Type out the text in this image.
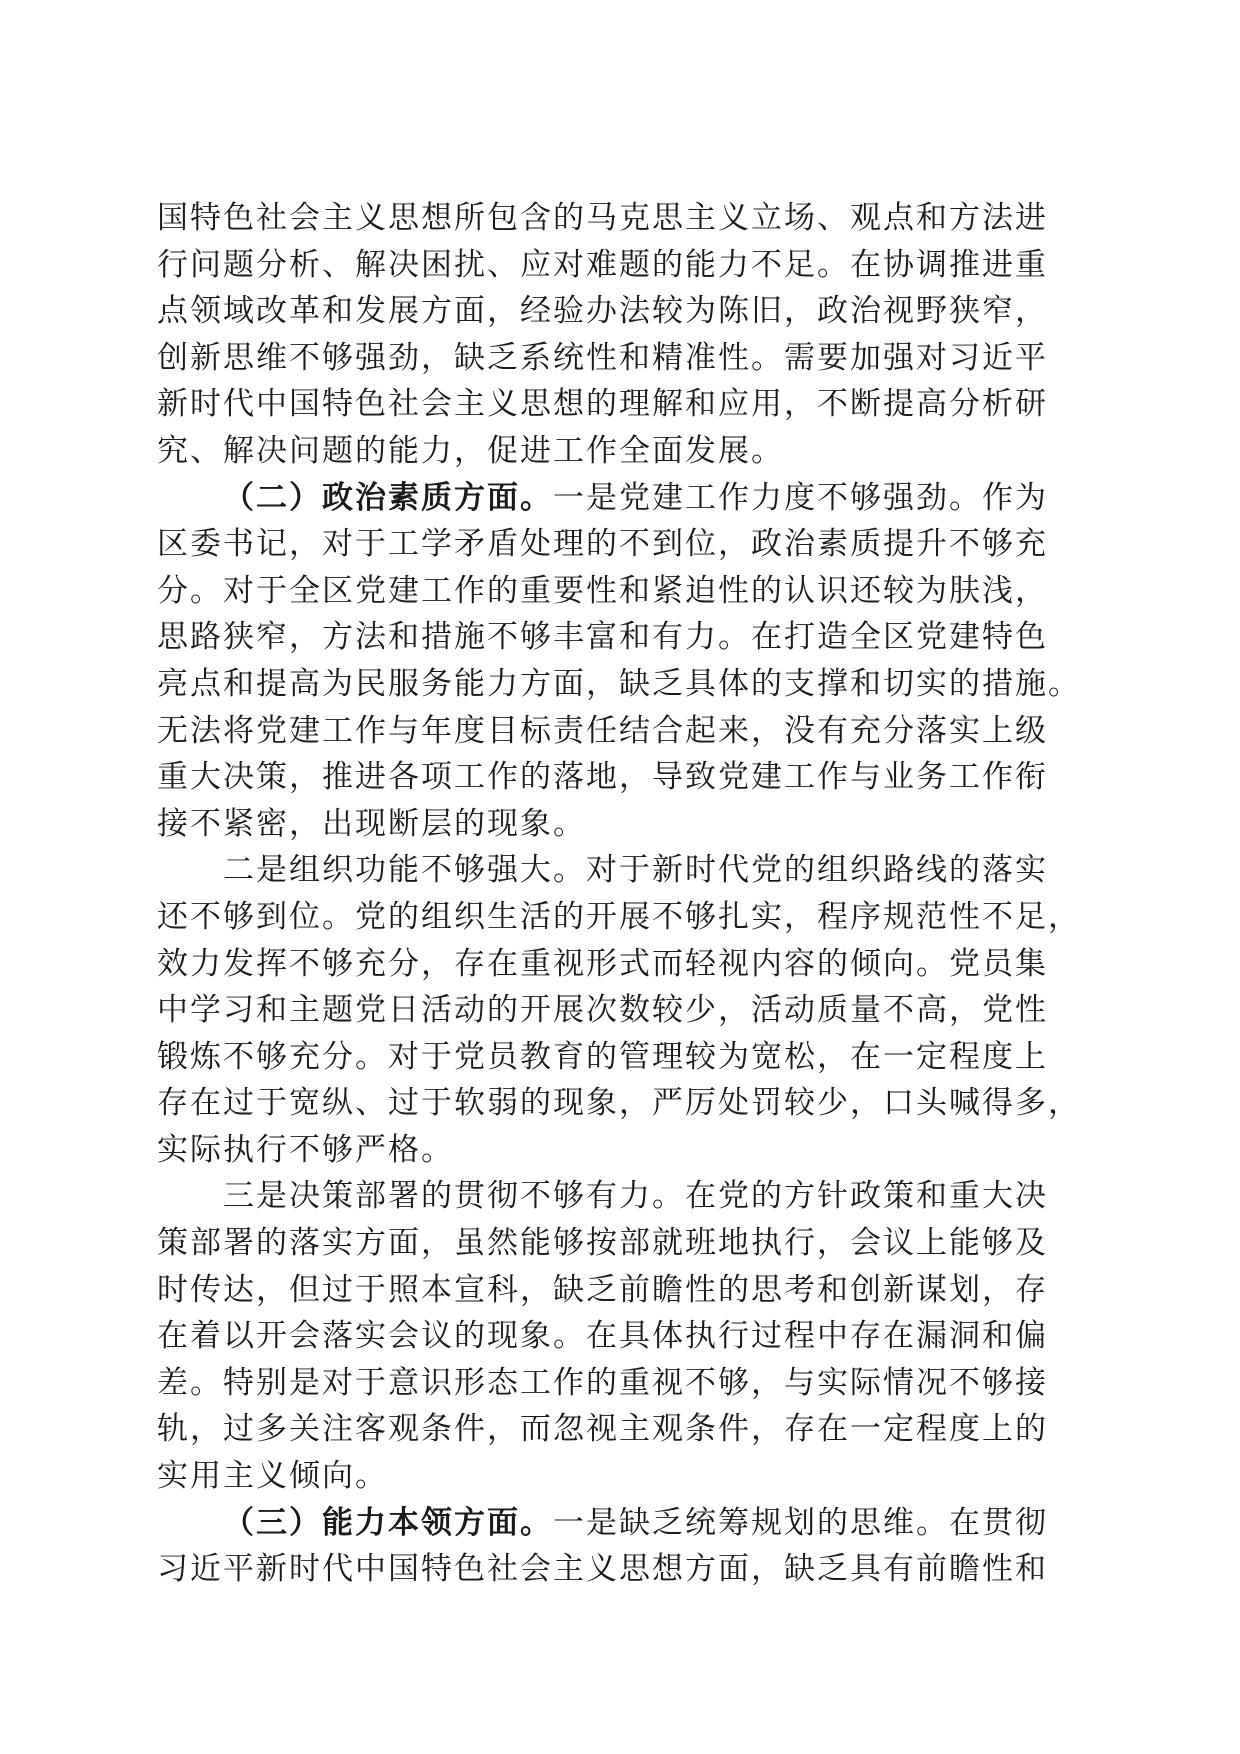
国特色社会主义思想所包含的马克思主义立场、观点和方法进
行问题分析、解决困扰、应对难题的能力不足。在协调推进重
点领域改革和发展方面，经验办法较为陈旧，政治视野狭窄，
创新思维不够强劲，缺乏系统性和精准性。需要加强对习近平
新时代中国特色社会主义思想的理解和应用，不断提高分析研
究、解决问题的能力，促进工作全面发展。
（二）政治素质方面。一是党建工作力度不够强劲。作为
区委书记，对于工学矛盾处理的不到位，政治素质提升不够充
分。对于全区党建工作的重要性和紧迫性的认识还较为肤浅，
思路狭窄，方法和措施不够丰富和有力。在打造全区党建特色
亮点和提高为民服务能力方面，缺乏具体的支撑和切实的措施。
无法将党建工作与年度目标责任结合起来，没有充分落实上级
重大决策，推进各项工作的落地，导致党建工作与业务工作衔
接不紧密，出现断层的现象。
二是组织功能不够强大。对于新时代党的组织路线的落实
还不够到位。党的组织生活的开展不够扎实，程序规范性不足，
效力发挥不够充分，存在重视形式而轻视内容的倾向。党员集
中学习和主题党日活动的开展次数较少，活动质量不高，党性
锻炼不够充分。对于党员教育的管理较为宽松，在一定程度上
存在过于宽纵、过于软弱的现象，严厉处罚较少，口头喊得多，
实际执行不够严格。
三是决策部署的贯彻不够有力。在党的方针政策和重大决
策部署的落实方面，虽然能够按部就班地执行，会议上能够及
时传达，但过于照本宣科，缺乏前瞻性的思考和创新谋划，存
在着以开会落实会议的现象。在具体执行过程中存在漏洞和偏
差。特别是对于意识形态工作的重视不够，与实际情况不够接
轨，过多关注客观条件，而忽视主观条件，存在一定程度上的
实用主义倾向。
（三）能力本领方面。一是缺乏统筹规划的思维。在贯彻
习近平新时代中国特色社会主义思想方面，缺乏具有前瞻性和
